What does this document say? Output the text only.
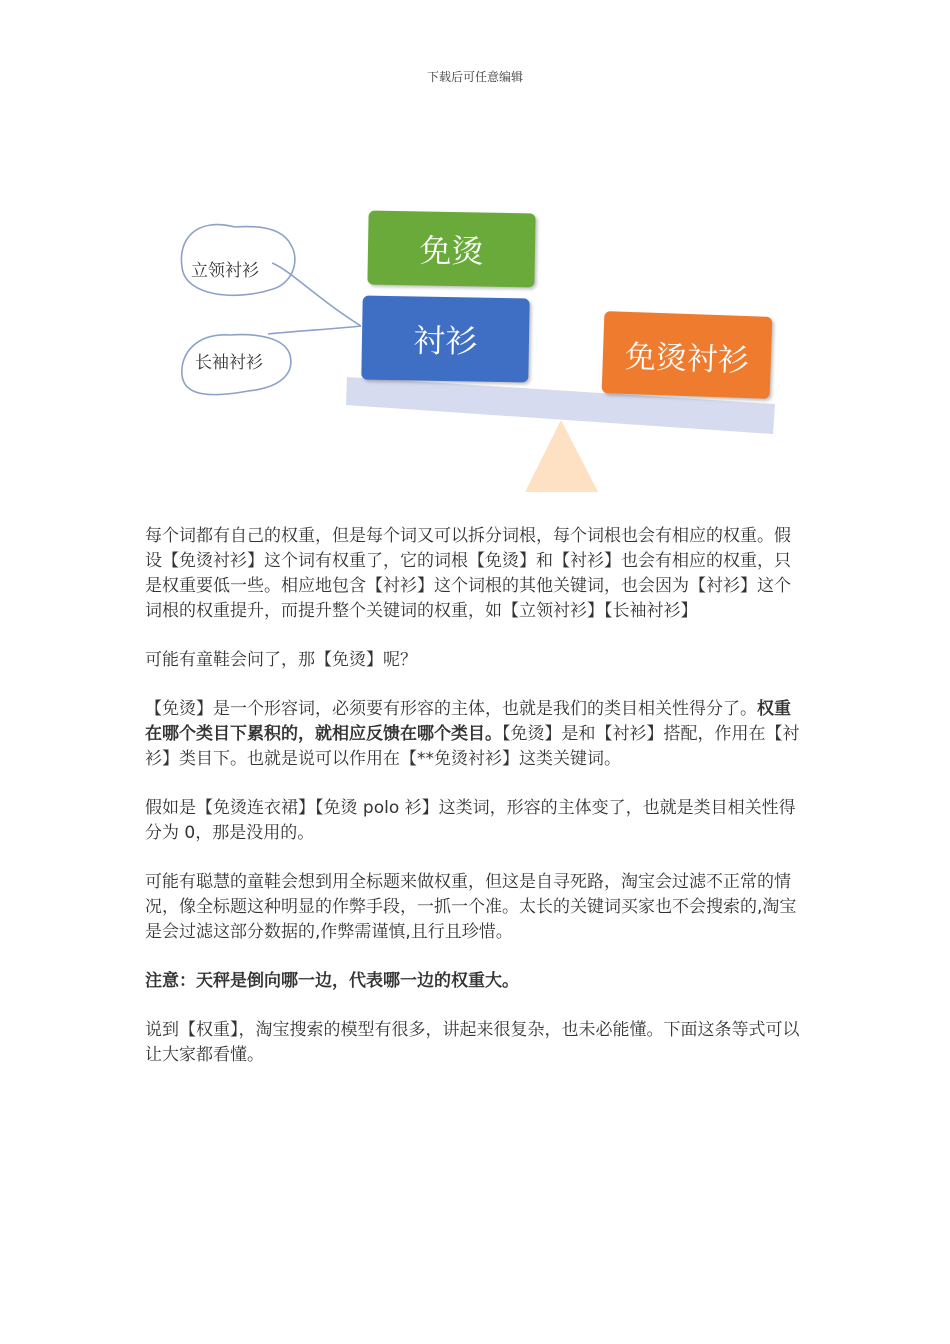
下载后可任意编辑
立领衬衫
长袖衬衫
免烫
衬衫	免烫衬衫

每个词都有自己的权重，但是每个词又可以拆分词根，每个词根也会有相应的权重。假设【免烫衬衫】这个词有权重了，它的词根【免烫】和【衬衫】也会有相应的权重，只是权重要低一些。相应地包含【衬衫】这个词根的其他关键词，也会因为【衬衫】这个词根的权重提升，而提升整个关键词的权重，如【立领衬衫】【长袖衬衫】

可能有童鞋会问了，那【免烫】呢？

【免烫】是一个形容词，必须要有形容的主体，也就是我们的类目相关性得分了。权重在哪个类目下累积的，就相应反馈在哪个类目。【免烫】是和【衬衫】搭配，作用在【衬衫】类目下。也就是说可以作用在【**免烫衬衫】这类关键词。

假如是【免烫连衣裙】【免烫 polo 衫】这类词，形容的主体变了，也就是类目相关性得分为 0，那是没用的。

可能有聪慧的童鞋会想到用全标题来做权重，但这是自寻死路，淘宝会过滤不正常的情况，像全标题这种明显的作弊手段，一抓一个准。太长的关键词买家也不会搜索的,淘宝是会过滤这部分数据的,作弊需谨慎,且行且珍惜。

注意：天秤是倒向哪一边，代表哪一边的权重大。

说到【权重】，淘宝搜索的模型有很多，讲起来很复杂，也未必能懂。下面这条等式可以让大家都看懂。
